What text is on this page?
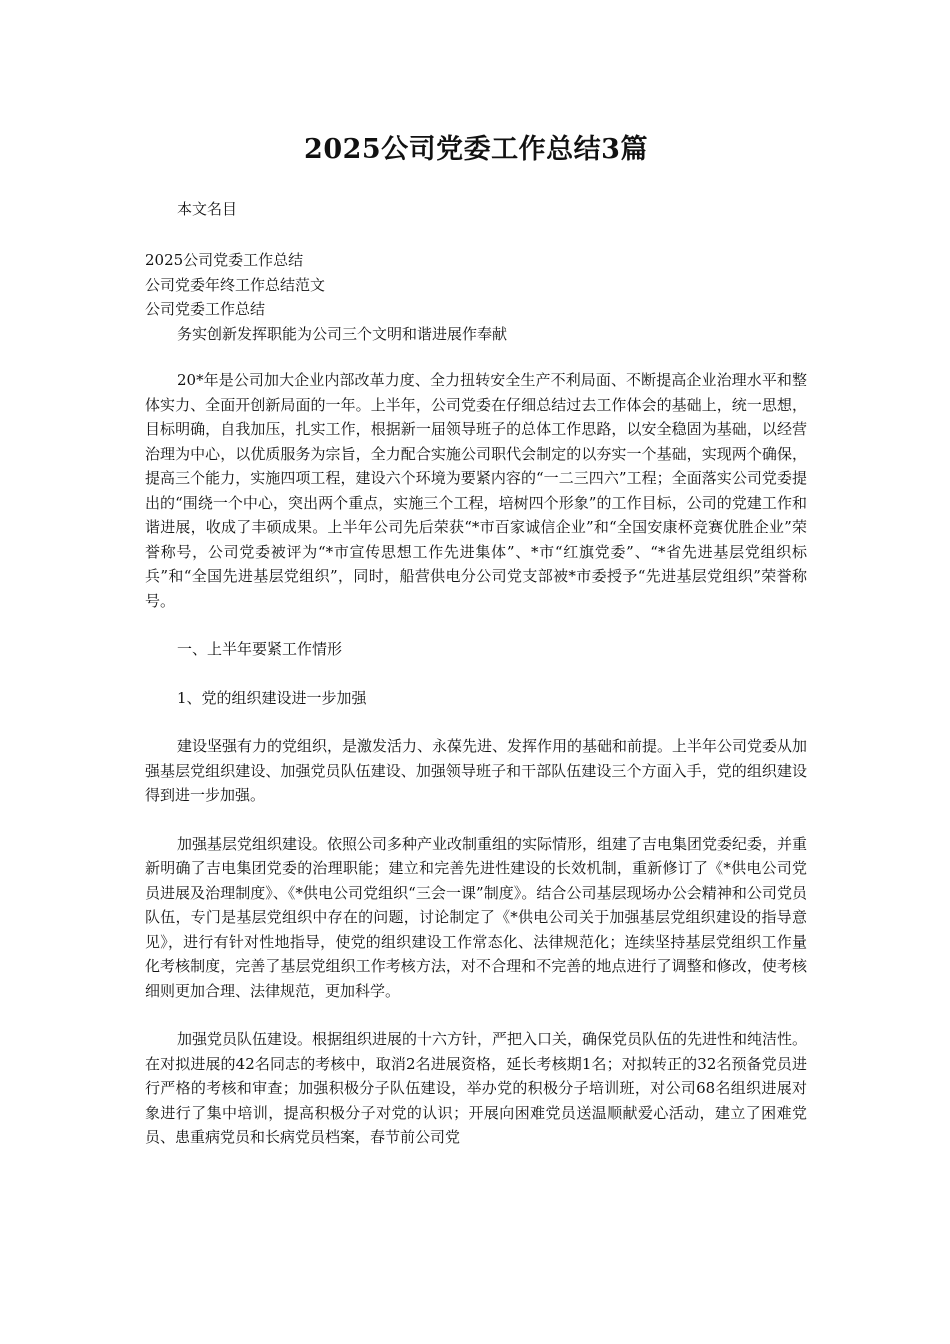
2025公司党委工作总结3篇

本文名目

2025公司党委工作总结
公司党委年终工作总结范文
公司党委工作总结

务实创新发挥职能为公司三个文明和谐进展作奉献

20*年是公司加大企业内部改革力度、全力扭转安全生产不利局面、不断提高企业治理水平和整体实力、全面开创新局面的一年。上半年，公司党委在仔细总结过去工作体会的基础上，统一思想，目标明确，自我加压，扎实工作，根据新一届领导班子的总体工作思路，以安全稳固为基础，以经营治理为中心，以优质服务为宗旨，全力配合实施公司职代会制定的以夯实一个基础，实现两个确保，提高三个能力，实施四项工程，建设六个环境为要紧内容的“一二三四六”工程；全面落实公司党委提出的“围绕一个中心，突出两个重点，实施三个工程，培树四个形象”的工作目标，公司的党建工作和谐进展，收成了丰硕成果。上半年公司先后荣获“*市百家诚信企业”和“全国安康杯竞赛优胜企业”荣誉称号，公司党委被评为“*市宣传思想工作先进集体”、*市“红旗党委”、“*省先进基层党组织标兵”和“全国先进基层党组织”，同时，船营供电分公司党支部被*市委授予“先进基层党组织”荣誉称号。

一、上半年要紧工作情形

1、党的组织建设进一步加强

建设坚强有力的党组织，是激发活力、永葆先进、发挥作用的基础和前提。上半年公司党委从加强基层党组织建设、加强党员队伍建设、加强领导班子和干部队伍建设三个方面入手，党的组织建设得到进一步加强。

加强基层党组织建设。依照公司多种产业改制重组的实际情形，组建了吉电集团党委纪委，并重新明确了吉电集团党委的治理职能；建立和完善先进性建设的长效机制，重新修订了《*供电公司党员进展及治理制度》、《*供电公司党组织“三会一课”制度》。结合公司基层现场办公会精神和公司党员队伍，专门是基层党组织中存在的问题，讨论制定了《*供电公司关于加强基层党组织建设的指导意见》，进行有针对性地指导，使党的组织建设工作常态化、法律规范化；连续坚持基层党组织工作量化考核制度，完善了基层党组织工作考核方法，对不合理和不完善的地点进行了调整和修改，使考核细则更加合理、法律规范，更加科学。

加强党员队伍建设。根据组织进展的十六方针，严把入口关，确保党员队伍的先进性和纯洁性。在对拟进展的42名同志的考核中，取消2名进展资格，延长考核期1名；对拟转正的32名预备党员进行严格的考核和审查；加强积极分子队伍建设，举办党的积极分子培训班，对公司68名组织进展对象进行了集中培训，提高积极分子对党的认识；开展向困难党员送温顺献爱心活动，建立了困难党员、患重病党员和长病党员档案，春节前公司党
